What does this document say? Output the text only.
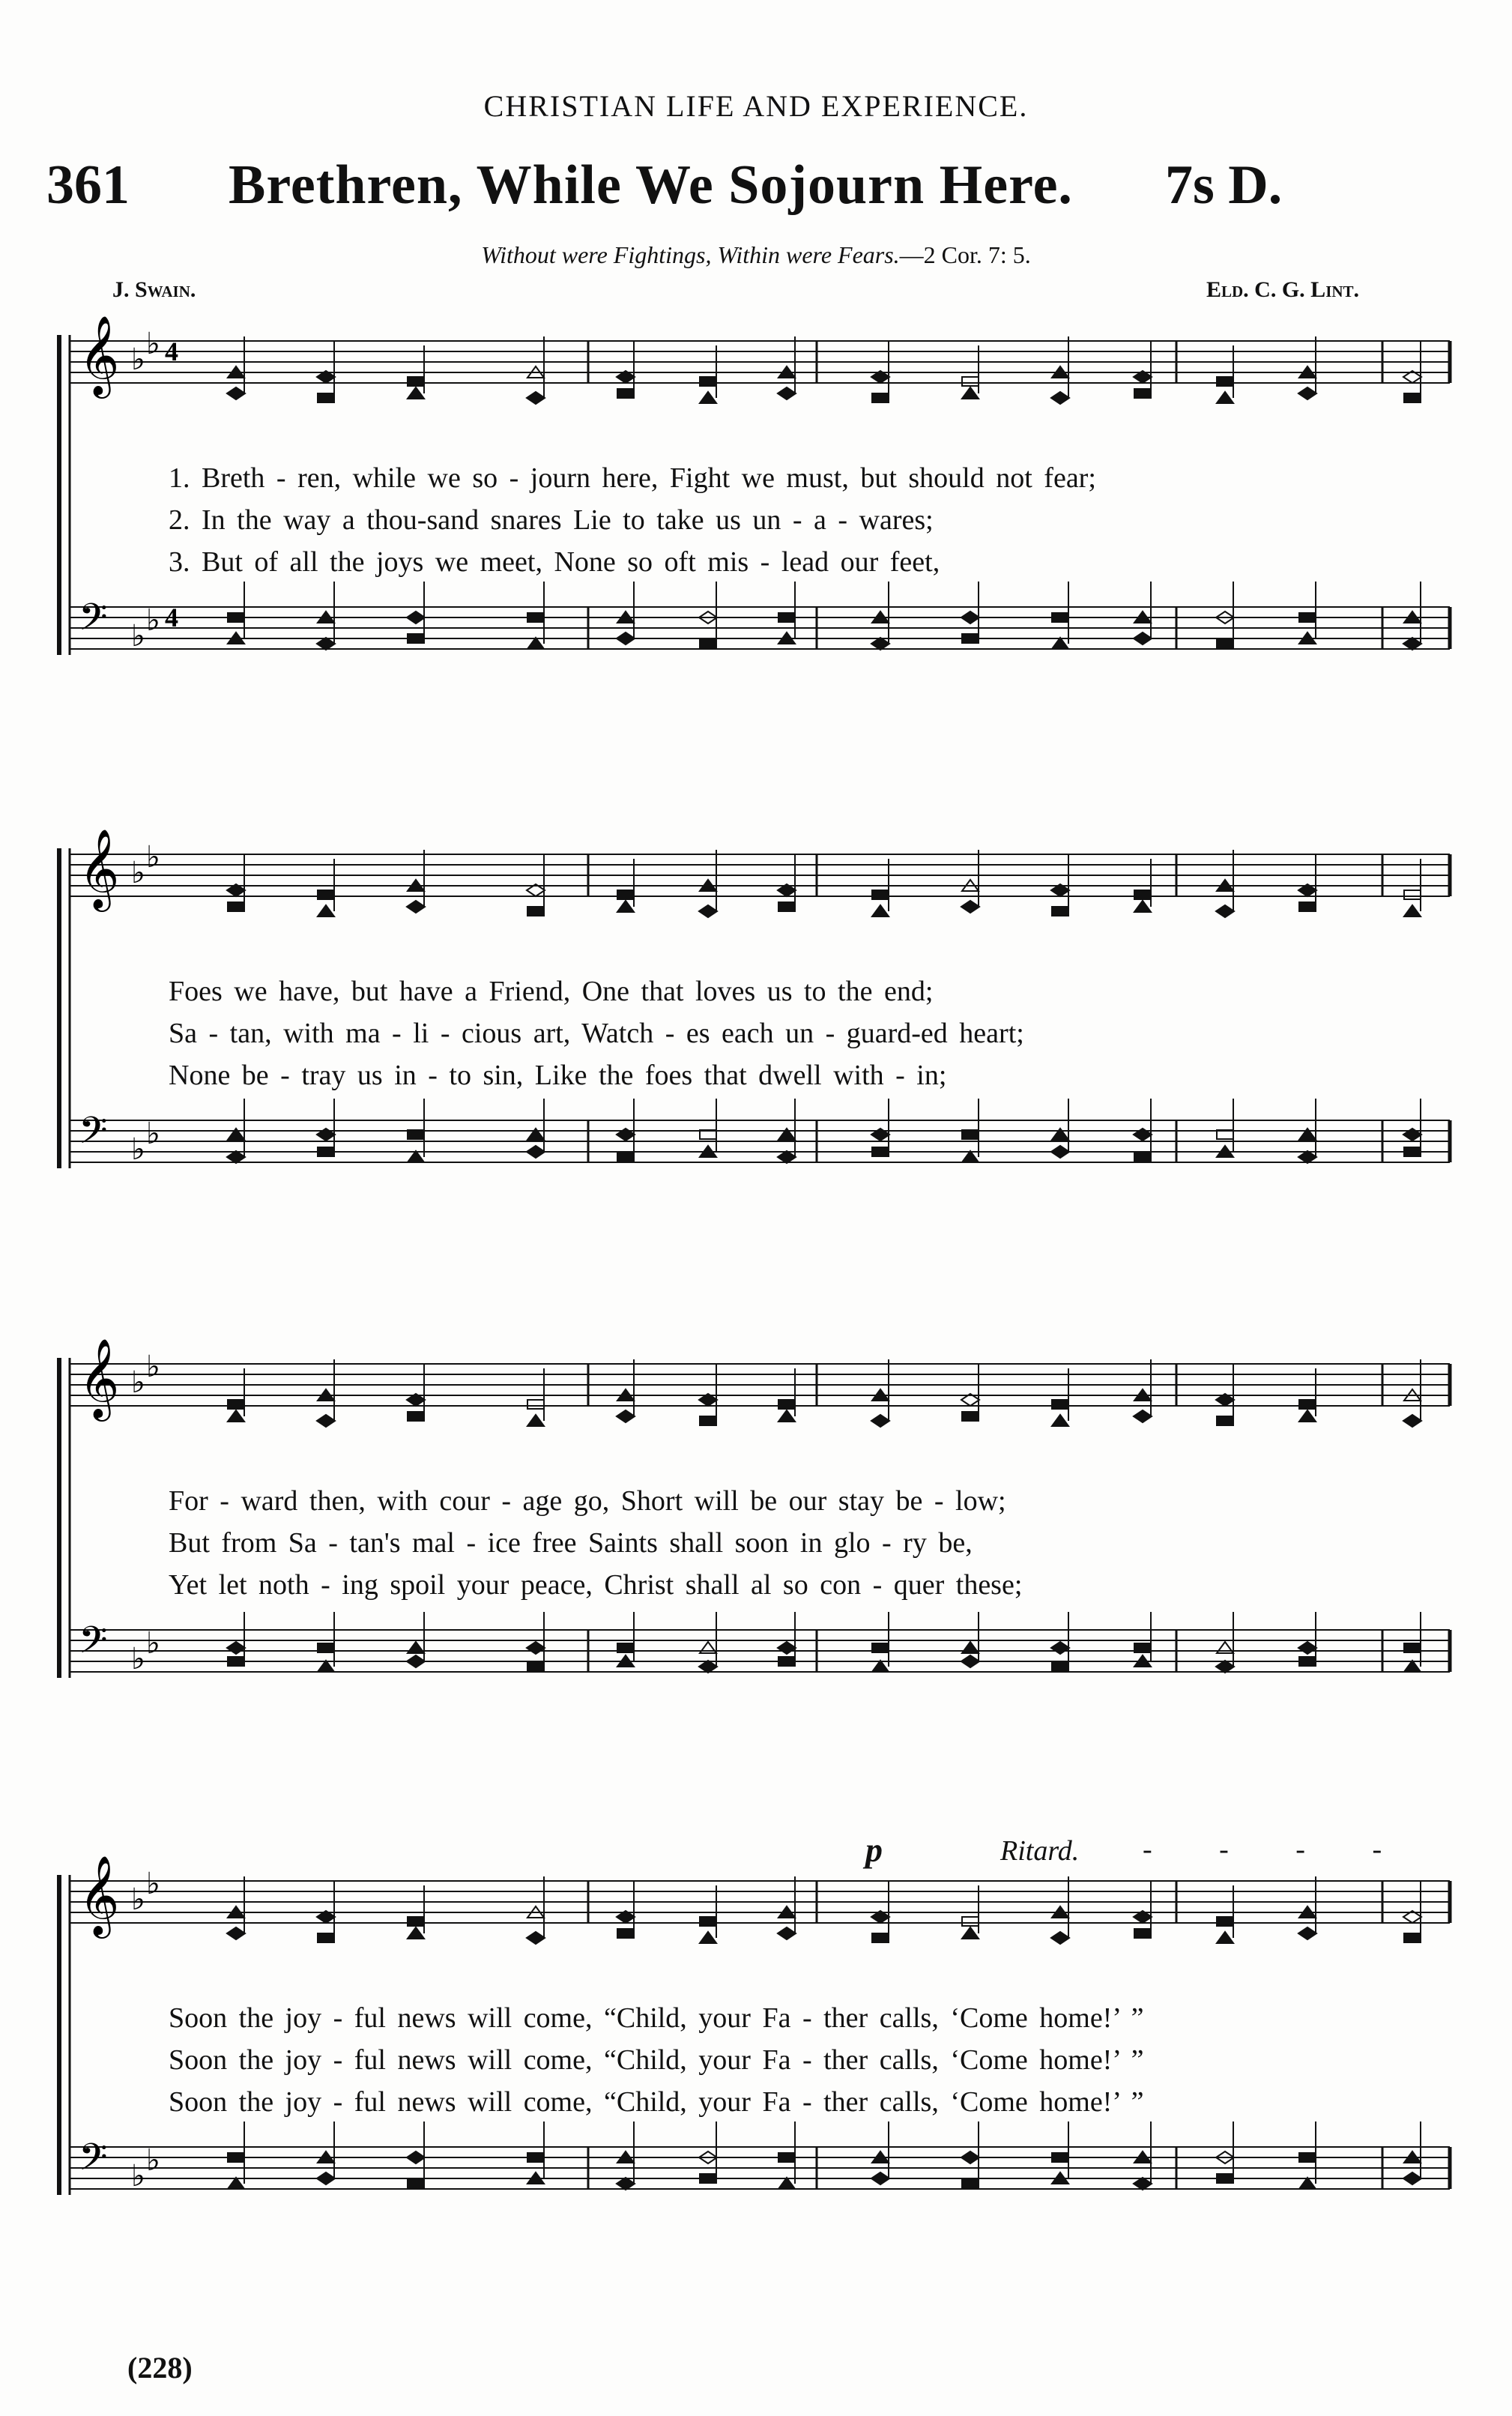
CHRISTIAN LIFE AND EXPERIENCE.
361 Brethren, While We Sojourn Here. 7s D.
Without were Fightings, Within were Fears.—2 Cor. 7: 5.
J. Swain.	Eld. C. G. Lint.
𝄞
𝄢
♭ ♭
♭ ♭
4
4
1. Breth - ren, while we so - journ here, Fight we must, but should not fear;
2. In the way a thou-sand snares Lie to take us un - a - wares;
3. But of all the joys we meet, None so oft mis - lead our feet,
𝄞
𝄢
♭ ♭
♭ ♭
Foes we have, but have a Friend, One that loves us to the end;
Sa - tan, with ma - li - cious art, Watch - es each un - guard-ed heart;
None be - tray us in - to sin, Like the foes that dwell with - in;
𝄞
𝄢
♭ ♭
♭ ♭
For - ward then, with cour - age go, Short will be our stay be - low;
But from Sa - tan's mal - ice free Saints shall soon in glo - ry be,
Yet let noth - ing spoil your peace, Christ shall al so con - quer these;
p	Ritard. - - - -
𝄞
𝄢
♭ ♭
♭ ♭
Soon the joy - ful news will come, “Child, your Fa - ther calls, ‘Come home!’ ”
Soon the joy - ful news will come, “Child, your Fa - ther calls, ‘Come home!’ ”
Soon the joy - ful news will come, “Child, your Fa - ther calls, ‘Come home!’ ”
(228)
